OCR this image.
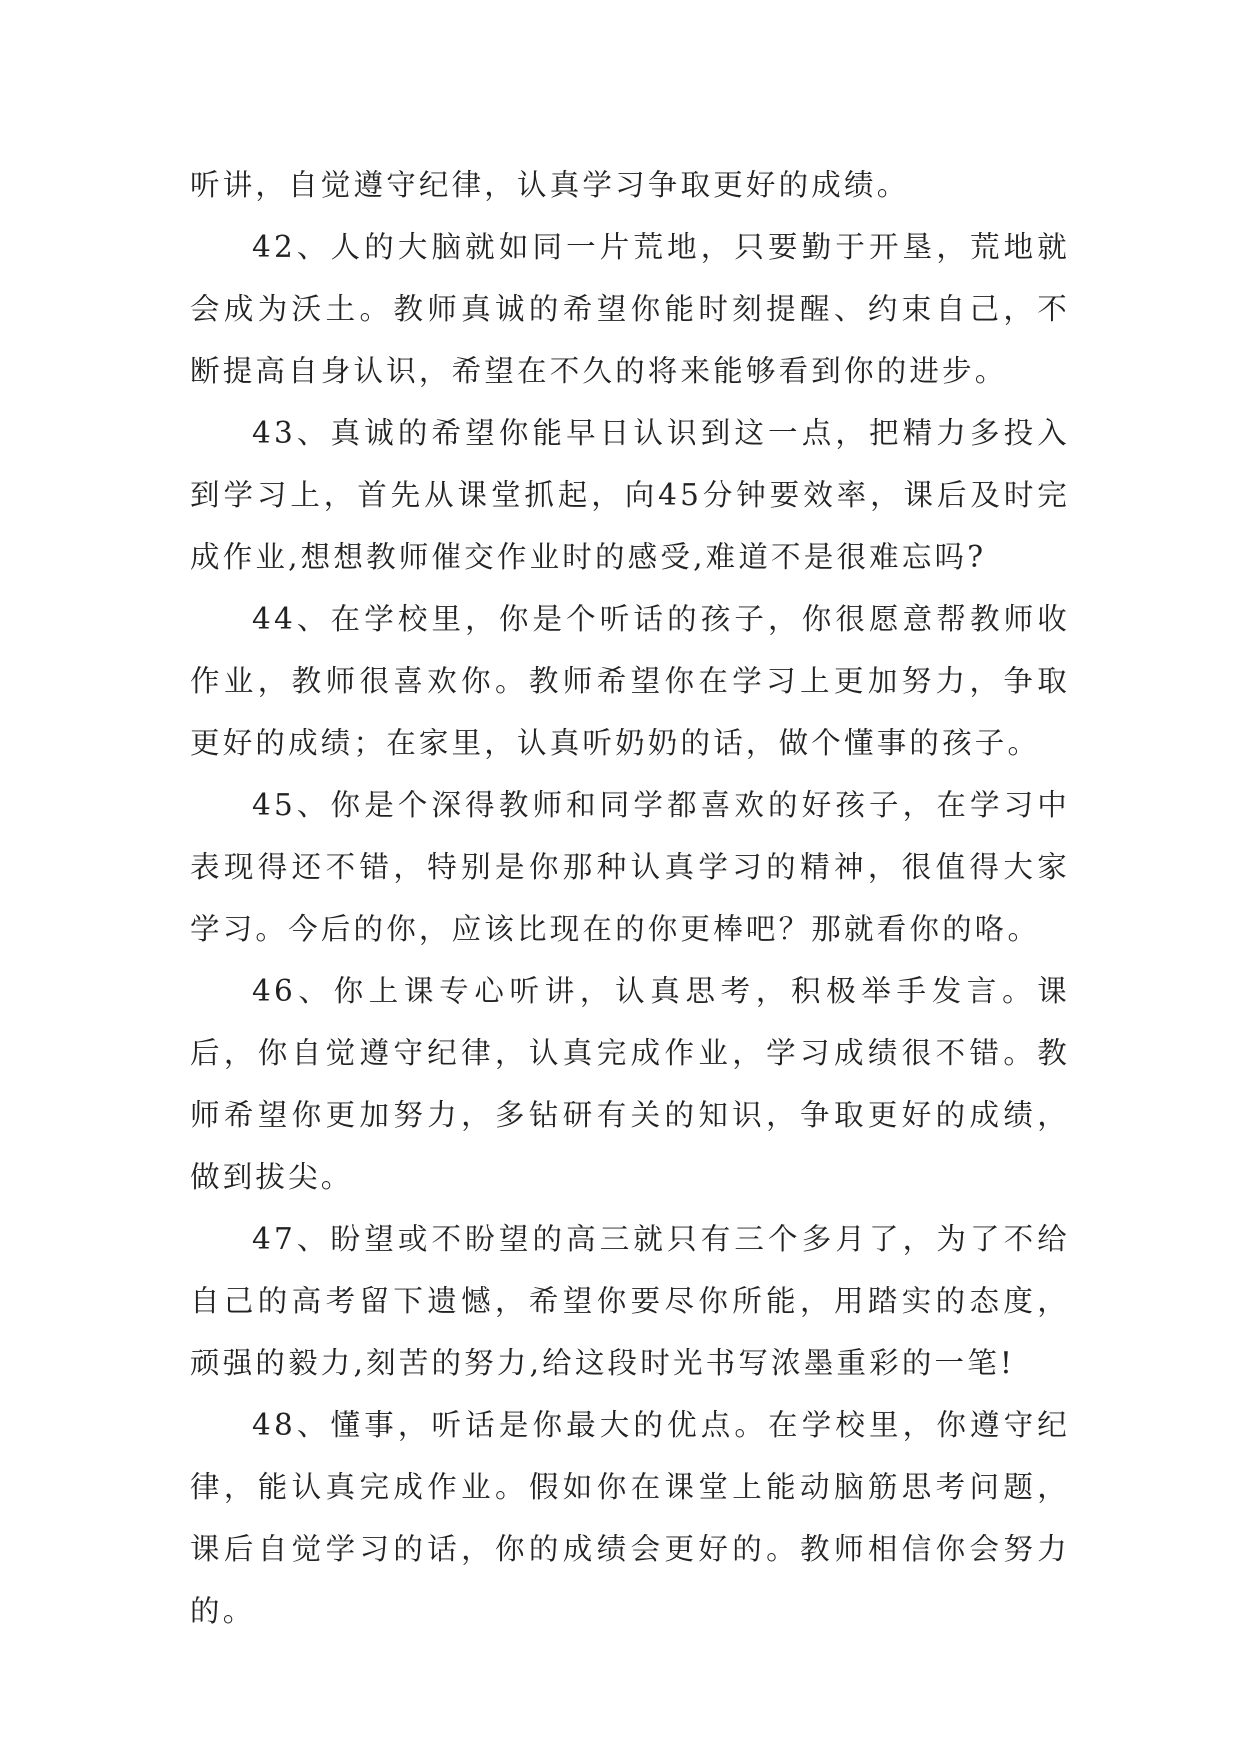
听讲，自觉遵守纪律，认真学习争取更好的成绩。

42、人的大脑就如同一片荒地，只要勤于开垦，荒地就会成为沃土。教师真诚的希望你能时刻提醒、约束自己，不断提高自身认识，希望在不久的将来能够看到你的进步。

43、真诚的希望你能早日认识到这一点，把精力多投入到学习上，首先从课堂抓起，向45分钟要效率，课后及时完成作业,想想教师催交作业时的感受,难道不是很难忘吗?

44、在学校里，你是个听话的孩子，你很愿意帮教师收作业，教师很喜欢你。教师希望你在学习上更加努力，争取更好的成绩；在家里，认真听奶奶的话，做个懂事的孩子。

45、你是个深得教师和同学都喜欢的好孩子，在学习中表现得还不错，特别是你那种认真学习的精神，很值得大家学习。今后的你，应该比现在的你更棒吧？那就看你的咯。

46、你上课专心听讲，认真思考，积极举手发言。课后，你自觉遵守纪律，认真完成作业，学习成绩很不错。教师希望你更加努力，多钻研有关的知识，争取更好的成绩，做到拔尖。

47、盼望或不盼望的高三就只有三个多月了，为了不给自己的高考留下遗憾，希望你要尽你所能，用踏实的态度，顽强的毅力,刻苦的努力,给这段时光书写浓墨重彩的一笔!

48、懂事，听话是你最大的优点。在学校里，你遵守纪律，能认真完成作业。假如你在课堂上能动脑筋思考问题，课后自觉学习的话，你的成绩会更好的。教师相信你会努力的。
